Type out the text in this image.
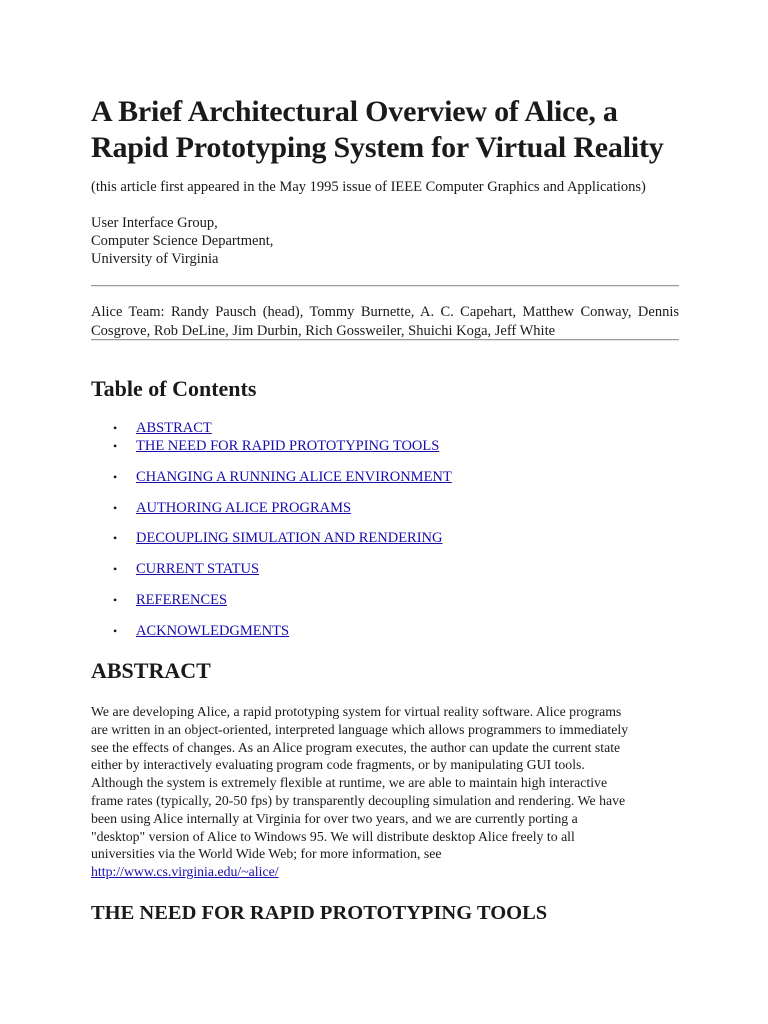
A Brief Architectural Overview of Alice, a
Rapid Prototyping System for Virtual Reality
(this article first appeared in the May 1995 issue of IEEE Computer Graphics and Applications)
User Interface Group,
Computer Science Department,
University of Virginia
Alice Team: Randy Pausch (head), Tommy Burnette, A. C. Capehart, Matthew Conway, Dennis Cosgrove, Rob DeLine, Jim Durbin, Rich Gossweiler, Shuichi Koga, Jeff White
Table of Contents
• ABSTRACT
• THE NEED FOR RAPID PROTOTYPING TOOLS
• CHANGING A RUNNING ALICE ENVIRONMENT
• AUTHORING ALICE PROGRAMS
• DECOUPLING SIMULATION AND RENDERING
• CURRENT STATUS
• REFERENCES
• ACKNOWLEDGMENTS
ABSTRACT
We are developing Alice, a rapid prototyping system for virtual reality software. Alice programs
are written in an object-oriented, interpreted language which allows programmers to immediately
see the effects of changes. As an Alice program executes, the author can update the current state
either by interactively evaluating program code fragments, or by manipulating GUI tools.
Although the system is extremely flexible at runtime, we are able to maintain high interactive
frame rates (typically, 20-50 fps) by transparently decoupling simulation and rendering. We have
been using Alice internally at Virginia for over two years, and we are currently porting a
"desktop" version of Alice to Windows 95. We will distribute desktop Alice freely to all
universities via the World Wide Web; for more information, see
http://www.cs.virginia.edu/~alice/
THE NEED FOR RAPID PROTOTYPING TOOLS
